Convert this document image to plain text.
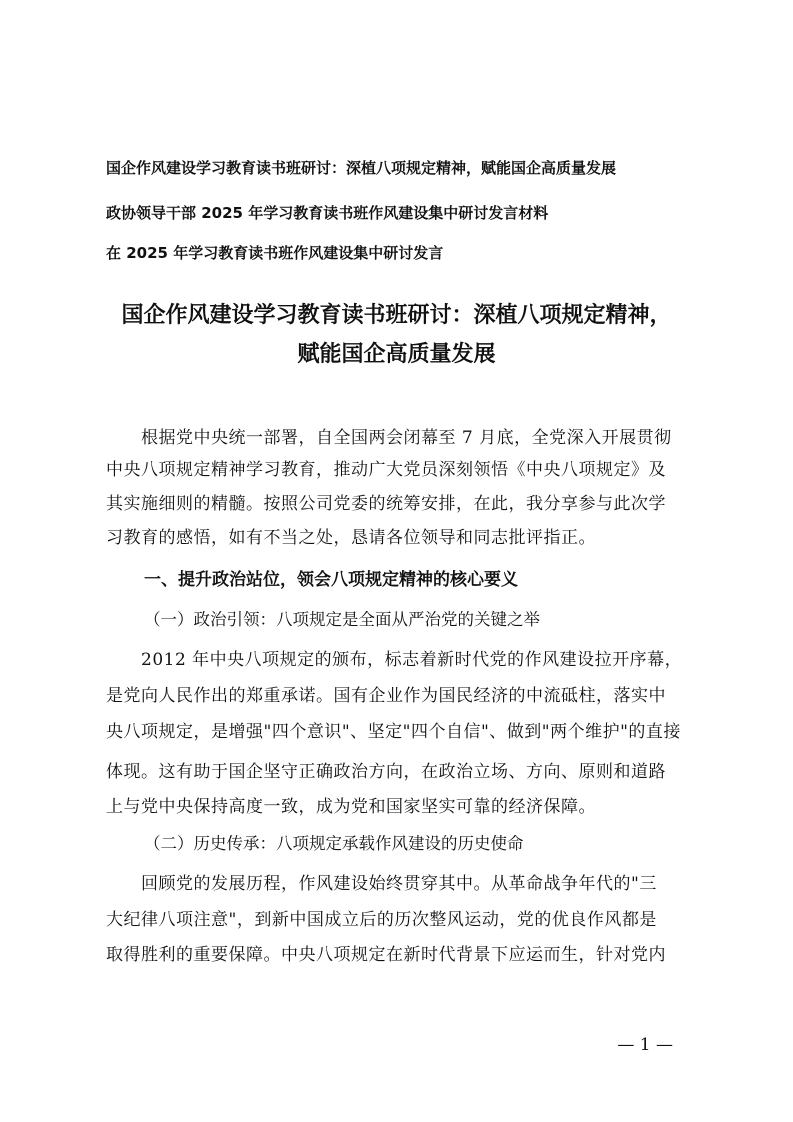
国企作风建设学习教育读书班研讨：深植八项规定精神，赋能国企高质量发展
政协领导干部 2025 年学习教育读书班作风建设集中研讨发言材料
在 2025 年学习教育读书班作风建设集中研讨发言
国企作风建设学习教育读书班研讨：深植八项规定精神，
赋能国企高质量发展
　　根据党中央统一部署，自全国两会闭幕至 7 月底，全党深入开展贯彻
中央八项规定精神学习教育，推动广大党员深刻领悟《中央八项规定》及
其实施细则的精髓。按照公司党委的统筹安排，在此，我分享参与此次学
习教育的感悟，如有不当之处，恳请各位领导和同志批评指正。
一、提升政治站位，领会八项规定精神的核心要义
（一）政治引领：八项规定是全面从严治党的关键之举
　　2012 年中央八项规定的颁布，标志着新时代党的作风建设拉开序幕，
是党向人民作出的郑重承诺。国有企业作为国民经济的中流砥柱，落实中
央八项规定，是增强"四个意识"、坚定"四个自信"、做到"两个维护"的直接
体现。这有助于国企坚守正确政治方向，在政治立场、方向、原则和道路
上与党中央保持高度一致，成为党和国家坚实可靠的经济保障。
（二）历史传承：八项规定承载作风建设的历史使命
　　回顾党的发展历程，作风建设始终贯穿其中。从革命战争年代的"三
大纪律八项注意"，到新中国成立后的历次整风运动，党的优良作风都是
取得胜利的重要保障。中央八项规定在新时代背景下应运而生，针对党内
— 1 —
